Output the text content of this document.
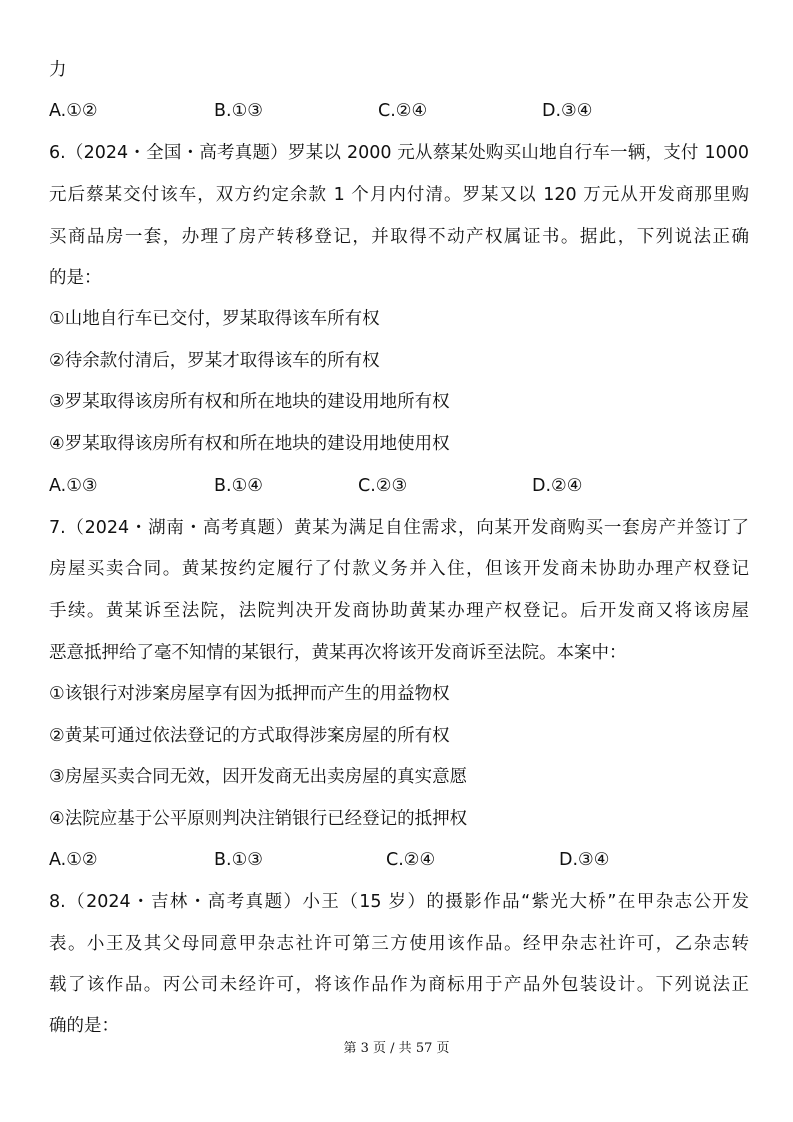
力
A.①②	B.①③	C.②④	D.③④
6.（2024・全国・高考真题）罗某以 2000 元从蔡某处购买山地自行车一辆，支付 1000
元后蔡某交付该车，双方约定余款 1 个月内付清。罗某又以 120 万元从开发商那里购
买商品房一套，办理了房产转移登记，并取得不动产权属证书。据此，下列说法正确
的是：
①山地自行车已交付，罗某取得该车所有权
②待余款付清后，罗某才取得该车的所有权
③罗某取得该房所有权和所在地块的建设用地所有权
④罗某取得该房所有权和所在地块的建设用地使用权
A.①③	B.①④	C.②③	D.②④
7.（2024・湖南・高考真题）黄某为满足自住需求，向某开发商购买一套房产并签订了
房屋买卖合同。黄某按约定履行了付款义务并入住，但该开发商未协助办理产权登记
手续。黄某诉至法院，法院判决开发商协助黄某办理产权登记。后开发商又将该房屋
恶意抵押给了毫不知情的某银行，黄某再次将该开发商诉至法院。本案中：
①该银行对涉案房屋享有因为抵押而产生的用益物权
②黄某可通过依法登记的方式取得涉案房屋的所有权
③房屋买卖合同无效，因开发商无出卖房屋的真实意愿
④法院应基于公平原则判决注销银行已经登记的抵押权
A.①②	B.①③	C.②④	D.③④
8.（2024・吉林・高考真题）小王（15 岁）的摄影作品“紫光大桥”在甲杂志公开发
表。小王及其父母同意甲杂志社许可第三方使用该作品。经甲杂志社许可，乙杂志转
载了该作品。丙公司未经许可，将该作品作为商标用于产品外包装设计。下列说法正
确的是：
第 3 页 / 共 57 页
